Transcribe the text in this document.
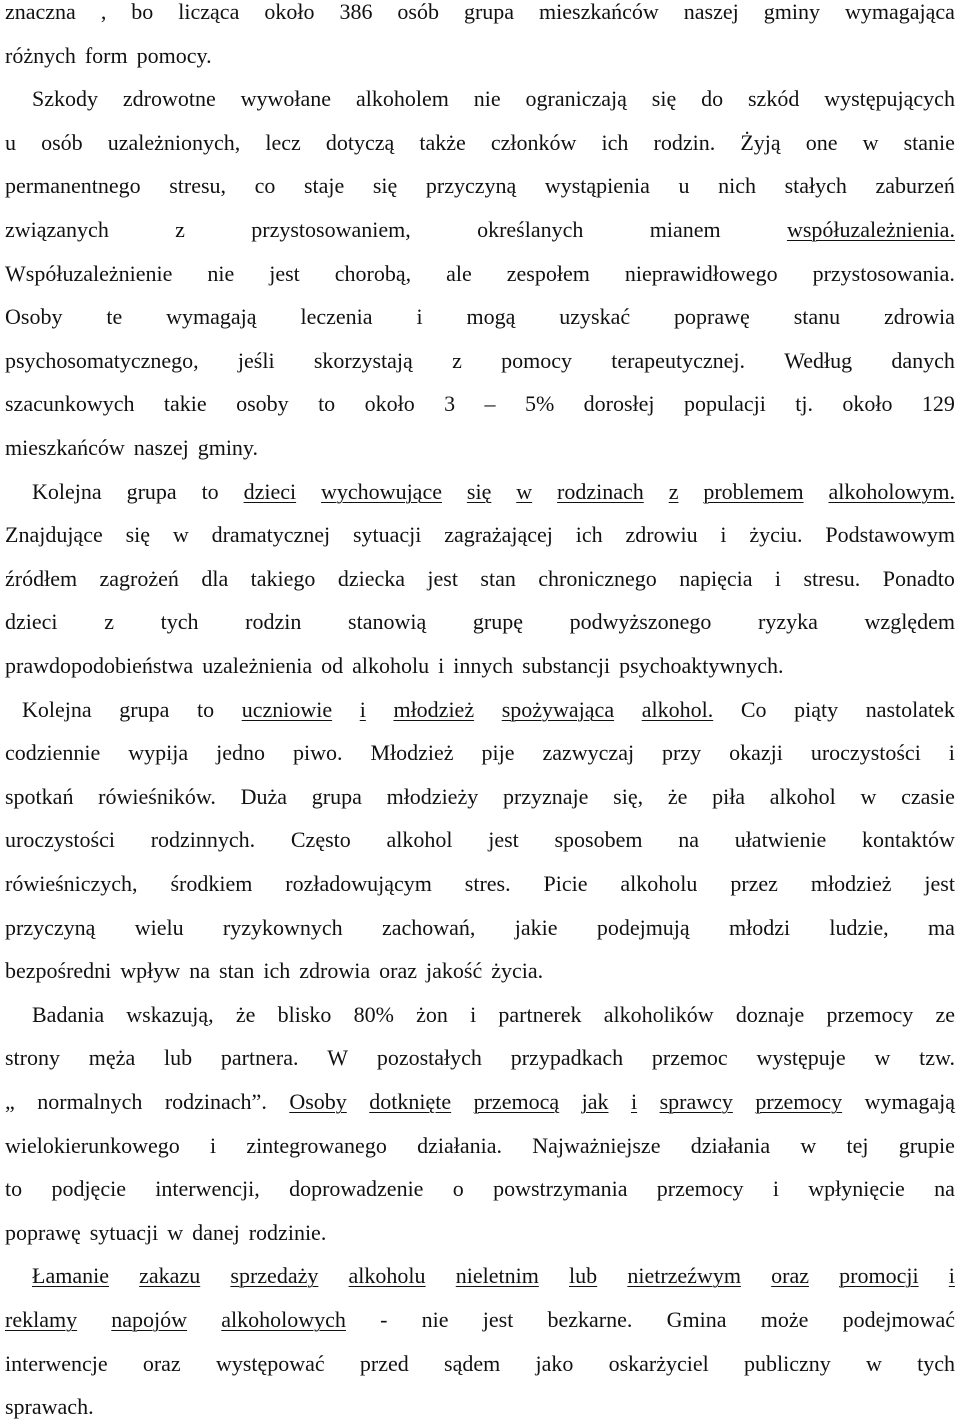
znaczna , bo licząca około 386 osób grupa mieszkańców naszej gminy wymagająca
różnych form pomocy.
Szkody zdrowotne wywołane alkoholem nie ograniczają się do szkód występujących
u osób uzależnionych, lecz dotyczą także członków ich rodzin. Żyją one w stanie
permanentnego stresu, co staje się przyczyną wystąpienia u nich stałych zaburzeń
związanych	z	przystosowaniem,	określanych	mianem	współuzależnienia.
Współuzależnienie nie jest chorobą, ale zespołem nieprawidłowego przystosowania.
Osoby te wymagają leczenia i mogą uzyskać poprawę stanu zdrowia
psychosomatycznego, jeśli skorzystają z pomocy terapeutycznej. Według danych
szacunkowych takie osoby to około 3 – 5% dorosłej populacji tj. około 129
mieszkańców naszej gminy.
Kolejna grupa to dzieci wychowujące się w rodzinach z problemem alkoholowym.
Znajdujące się w dramatycznej sytuacji zagrażającej ich zdrowiu i życiu. Podstawowym
źródłem zagrożeń dla takiego dziecka jest stan chronicznego napięcia i stresu. Ponadto
dzieci z tych rodzin stanowią grupę podwyższonego ryzyka względem
prawdopodobieństwa uzależnienia od alkoholu i innych substancji psychoaktywnych.
Kolejna grupa to uczniowie i młodzież spożywająca alkohol. Co piąty nastolatek
codziennie wypija jedno piwo. Młodzież pije zazwyczaj przy okazji uroczystości i
spotkań rówieśników. Duża grupa młodzieży przyznaje się, że piła alkohol w czasie
uroczystości rodzinnych. Często alkohol jest sposobem na ułatwienie kontaktów
rówieśniczych, środkiem rozładowującym stres. Picie alkoholu przez młodzież jest
przyczyną wielu ryzykownych zachowań, jakie podejmują młodzi ludzie, ma
bezpośredni wpływ na stan ich zdrowia oraz jakość życia.
Badania wskazują, że blisko 80% żon i partnerek alkoholików doznaje przemocy ze
strony męża lub partnera. W pozostałych przypadkach przemoc występuje w tzw.
„ normalnych rodzinach”. Osoby dotknięte przemocą jak i sprawcy przemocy wymagają
wielokierunkowego i zintegrowanego działania. Najważniejsze działania w tej grupie
to podjęcie interwencji, doprowadzenie o powstrzymania przemocy i wpłynięcie na
poprawę sytuacji w danej rodzinie.
Łamanie zakazu sprzedaży alkoholu nieletnim lub nietrzeźwym oraz promocji i
reklamy napojów alkoholowych - nie jest bezkarne. Gmina może podejmować
interwencje oraz występować przed sądem jako oskarżyciel publiczny w tych
sprawach.
